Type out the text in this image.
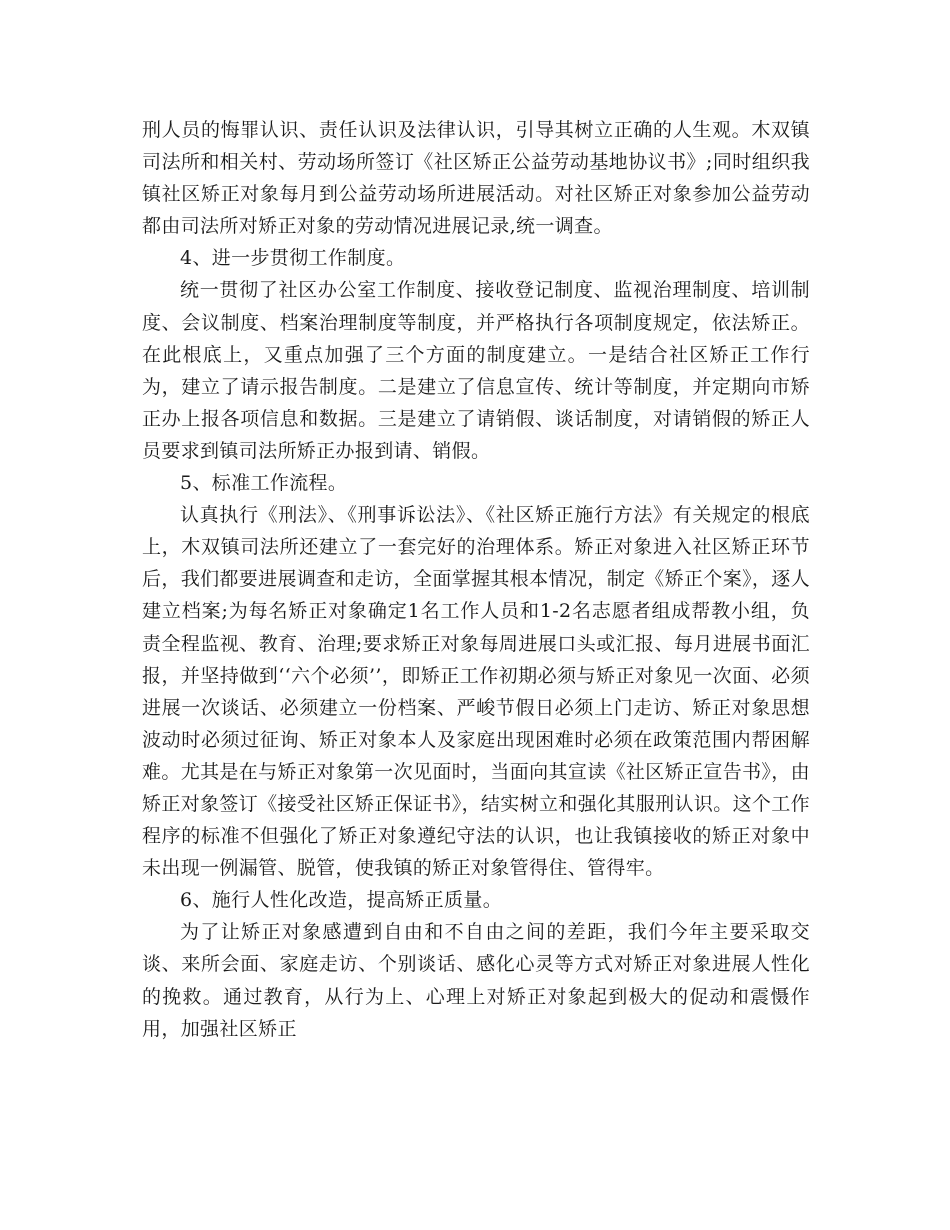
刑人员的悔罪认识、责任认识及法律认识，引导其树立正确的人生观。木双镇司法所和相关村、劳动场所签订《社区矫正公益劳动基地协议书》;同时组织我镇社区矫正对象每月到公益劳动场所进展活动。对社区矫正对象参加公益劳动都由司法所对矫正对象的劳动情况进展记录,统一调查。

4、进一步贯彻工作制度。

统一贯彻了社区办公室工作制度、接收登记制度、监视治理制度、培训制度、会议制度、档案治理制度等制度，并严格执行各项制度规定，依法矫正。在此根底上，又重点加强了三个方面的制度建立。一是结合社区矫正工作行为，建立了请示报告制度。二是建立了信息宣传、统计等制度，并定期向市矫正办上报各项信息和数据。三是建立了请销假、谈话制度，对请销假的矫正人员要求到镇司法所矫正办报到请、销假。

5、标准工作流程。

认真执行《刑法》、《刑事诉讼法》、《社区矫正施行方法》有关规定的根底上，木双镇司法所还建立了一套完好的治理体系。矫正对象进入社区矫正环节后，我们都要进展调查和走访，全面掌握其根本情况，制定《矫正个案》，逐人建立档案;为每名矫正对象确定1名工作人员和1-2名志愿者组成帮教小组，负责全程监视、教育、治理;要求矫正对象每周进展口头或汇报、每月进展书面汇报，并坚持做到‘‘六个必须’’，即矫正工作初期必须与矫正对象见一次面、必须进展一次谈话、必须建立一份档案、严峻节假日必须上门走访、矫正对象思想波动时必须过征询、矫正对象本人及家庭出现困难时必须在政策范围内帮困解难。尤其是在与矫正对象第一次见面时，当面向其宣读《社区矫正宣告书》，由矫正对象签订《接受社区矫正保证书》，结实树立和强化其服刑认识。这个工作程序的标准不但强化了矫正对象遵纪守法的认识，也让我镇接收的矫正对象中未出现一例漏管、脱管，使我镇的矫正对象管得住、管得牢。

6、施行人性化改造，提高矫正质量。

为了让矫正对象感遭到自由和不自由之间的差距，我们今年主要采取交谈、来所会面、家庭走访、个别谈话、感化心灵等方式对矫正对象进展人性化的挽救。通过教育，从行为上、心理上对矫正对象起到极大的促动和震慑作用，加强社区矫正
